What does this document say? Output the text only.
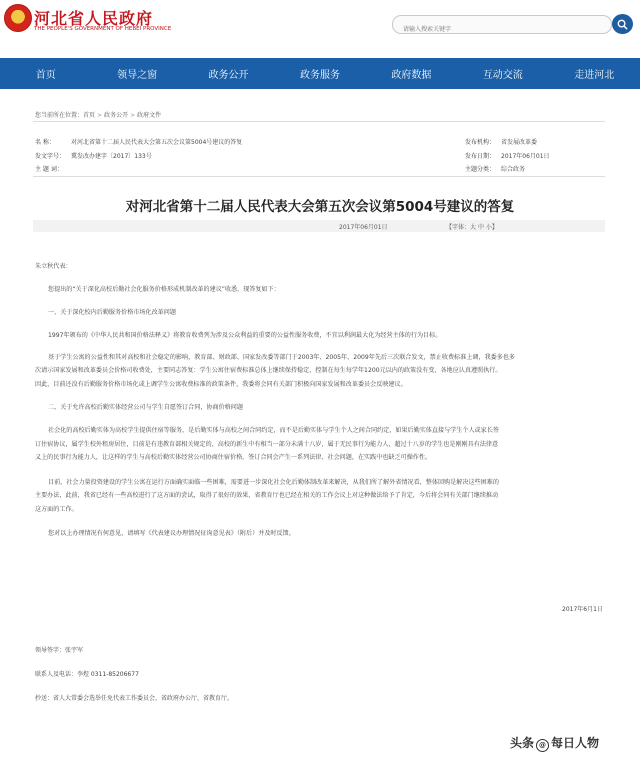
河北省人民政府
THE PEOPLE'S GOVERNMENT OF HEBEI PROVINCE
请输入搜索关键字
首页	领导之窗	政务公开	政务服务	政府数据	互动交流	走进河北
您当前所在位置：首页 > 政务公开 > 政府文件
名 称：	对河北省第十二届人民代表大会第五次会议第5004号建议的答复
发文字号： 冀发改办建字〔2017〕133号
主 题 词：
发布机构： 省发展改革委
发布日期： 2017年06月01日
主题分类： 综合政务
对河北省第十二届人民代表大会第五次会议第5004号建议的答复
2017年06月01日	【字体：大 中 小】
朱立秋代表：
您提出的“关于深化高校后勤社会化服务价格形成机制改革的建议”收悉，现答复如下：
一、关于深化校内后勤服务价格市场化改革问题
1997年颁布的《中华人民共和国价格法释义》将教育收费列为涉及公众利益的重要的公益性服务收费，不宜以利润最大化为经营主体的行为目标。
基于学生公寓的公益性和其对高校和社会稳定的影响，教育部、财政部、国家发改委等部门于2003年、2005年、2009年先后三次联合发文，禁止收费标准上调，我委多也多
次请示国家发展和改革委员会价格司收费处，主要同志答复：学生公寓住宿费标准总体上继续保持稳定，控制在每生每学年1200元以内的政策没有变，各地应认真遵照执行。
因此，目前还没有后勤服务价格市场化或上调学生公寓收费标准的政策条件，我委将会同有关部门积极向国家发展和改革委员会反映建议。
二、关于允许高校后勤实体经营公司与学生自愿签订合同，协商价格问题
社会化的高校后勤实体为高校学生提供住宿等服务，是后勤实体与高校之间合同约定，而不是后勤实体与学生个人之间合同约定，如果后勤实体直接与学生个人或家长签
订住宿协议，属学生校外租房居住，目前是有违教育部相关规定的，高校的新生中有相当一部分未满十八岁，属于无民事行为能力人，超过十八岁的学生也是刚刚具有法律意
义上的民事行为能力人，让这样的学生与高校后勤实体经营公司协商住宿价格，签订合同会产生一系列法律、社会问题，在实践中也缺乏可操作性。
目前，社会力量投资建设的学生公寓在运行方面确实面临一些困难，需要进一步深化社会化后勤体制改革来解决，从我们所了解外省情况看，整体回购是解决这些困难的
主要办法，此前，我省已经有一些高校进行了这方面的尝试，取得了很好的效果，省教育厅也已经在相关的工作会议上对这种做法给予了肯定，今后将会同有关部门继续推动
这方面的工作。
您对以上办理情况有何意见，请填写《代表建议办理情况征询意见表》（附后）并及时反馈。
2017年6月1日
领导签字：张宇军
联系人及电话：李煜 0311-85206677
抄送：省人大常委会选举任免代表工作委员会，省政府办公厅，省教育厅。
头条 @ 每日人物
